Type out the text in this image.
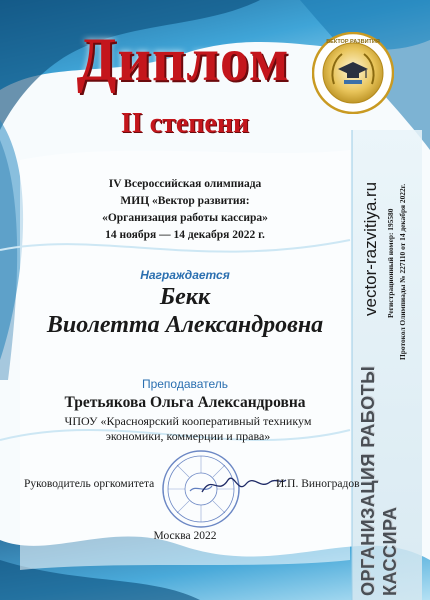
Диплом
II степени
ВЕКТОР РАЗВИТИЯ
IV Всероссийская олимпиада
МИЦ «Вектор развития:
«Организация работы кассира»
14 ноября — 14 декабря 2022 г.
Награждается
Бекк
Виолетта Александровна
Преподаватель
Третьякова Ольга Александровна
ЧПОУ «Красноярский кооперативный техникум
экономики, коммерции и права»
Руководитель оргкомитета	И.П. Виноградов
Москва 2022
vector-razvitiya.ru Регистрационный номер: 195580 Протокол Олимпиады № 227110 от 14 декабря 2022г.
ОРГАНИЗАЦИЯ РАБОТЫ КАССИРА
